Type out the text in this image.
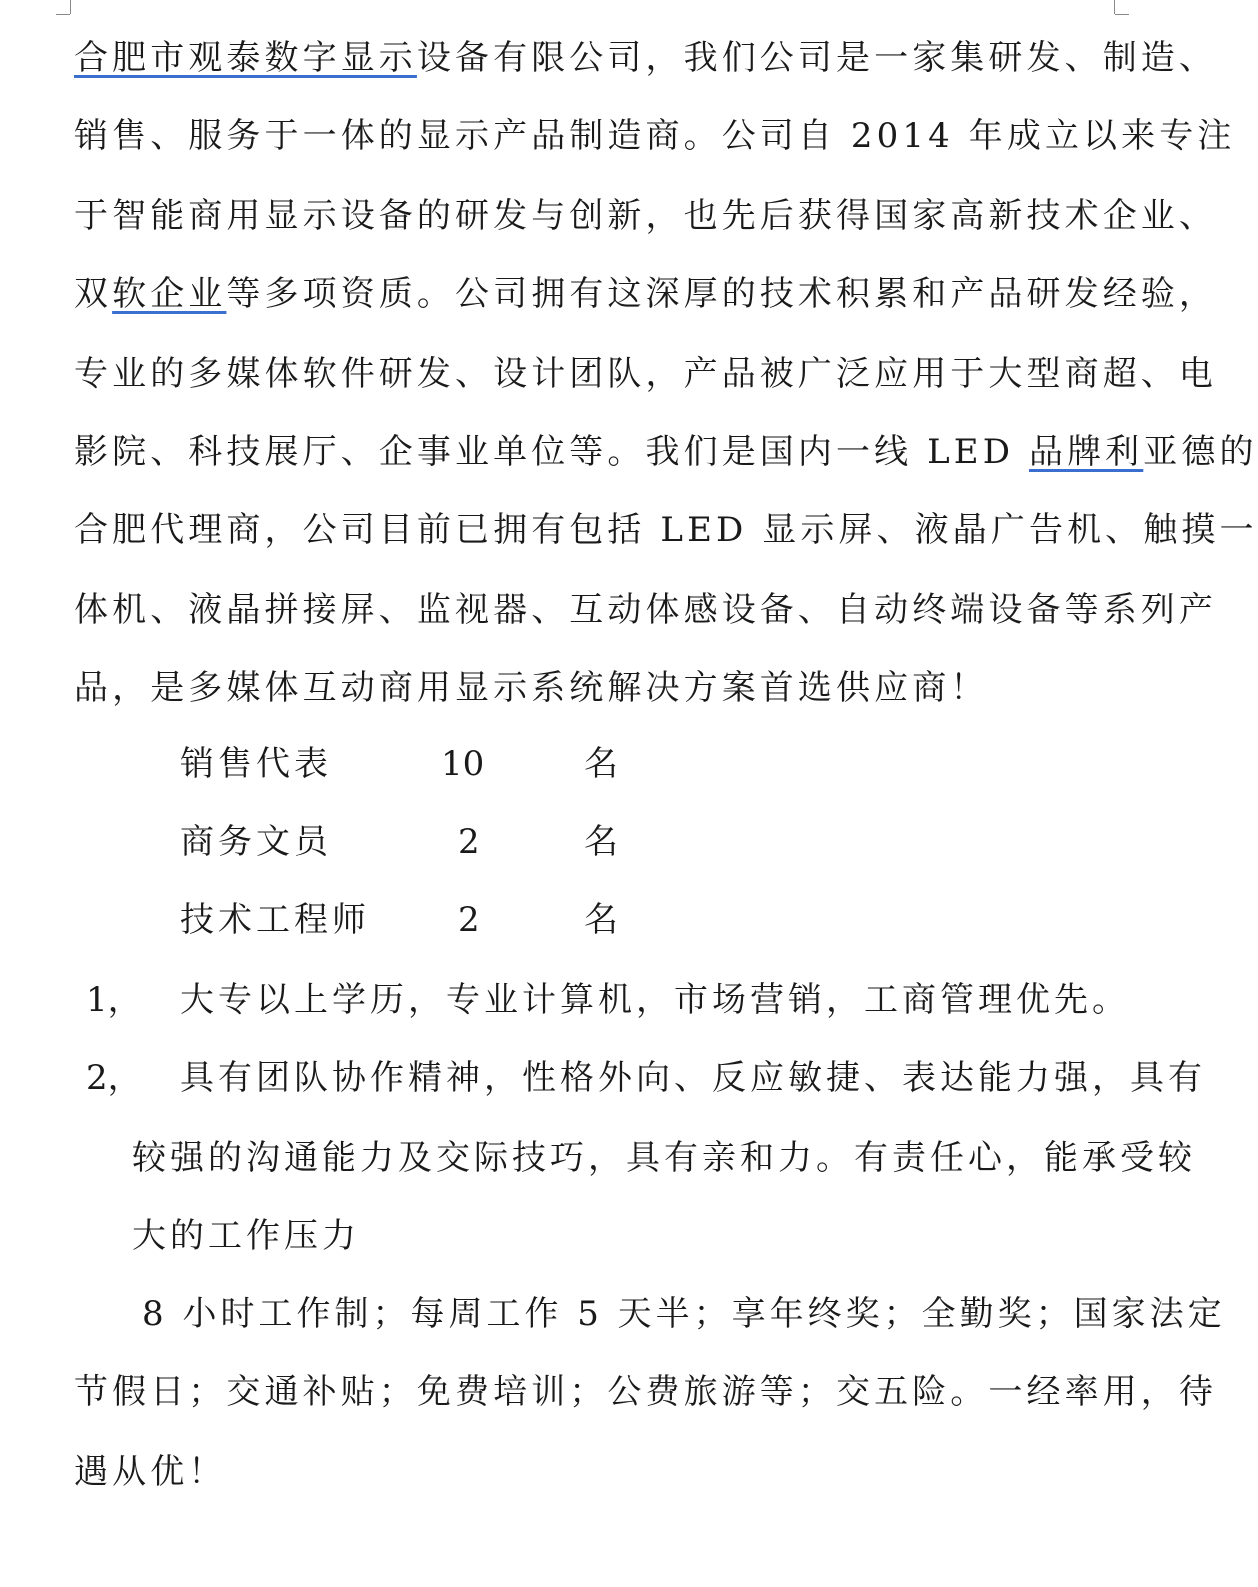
合肥市观泰数字显示设备有限公司，我们公司是一家集研发、制造、
销售、服务于一体的显示产品制造商。公司自 2014 年成立以来专注
于智能商用显示设备的研发与创新，也先后获得国家高新技术企业、
双软企业等多项资质。公司拥有这深厚的技术积累和产品研发经验，
专业的多媒体软件研发、设计团队，产品被广泛应用于大型商超、电
影院、科技展厅、企事业单位等。我们是国内一线 LED 品牌利亚德的
合肥代理商，公司目前已拥有包括 LED 显示屏、液晶广告机、触摸一
体机、液晶拼接屏、监视器、互动体感设备、自动终端设备等系列产
品，是多媒体互动商用显示系统解决方案首选供应商！
销售代表	10	名
商务文员	2	名
技术工程师	2	名
1， 大专以上学历，专业计算机，市场营销，工商管理优先。
2， 具有团队协作精神，性格外向、反应敏捷、表达能力强，具有
较强的沟通能力及交际技巧，具有亲和力。有责任心，能承受较
大的工作压力
8 小时工作制；每周工作 5 天半；享年终奖；全勤奖；国家法定
节假日；交通补贴；免费培训；公费旅游等；交五险。一经率用，待
遇从优！
